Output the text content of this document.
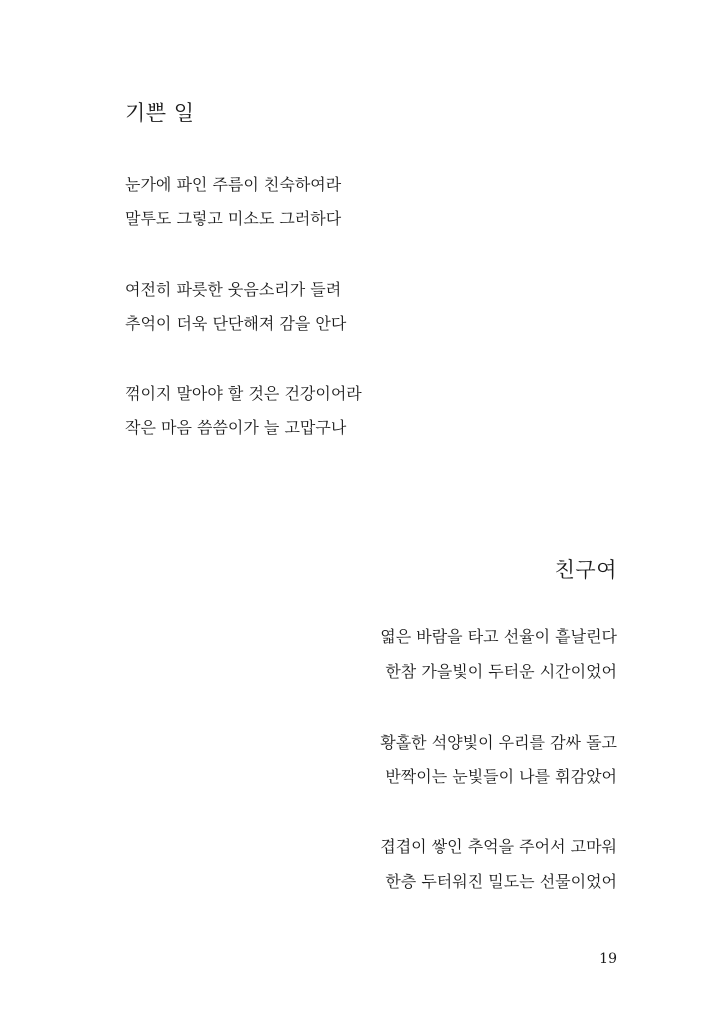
기쁜 일
눈가에 파인 주름이 친숙하여라
말투도 그렇고 미소도 그러하다
여전히 파릇한 웃음소리가 들려
추억이 더욱 단단해져 감을 안다
꺾이지 말아야 할 것은 건강이어라
작은 마음 씀씀이가 늘 고맙구나
친구여
엷은 바람을 타고 선율이 흩날린다
한참 가을빛이 두터운 시간이었어
황홀한 석양빛이 우리를 감싸 돌고
반짝이는 눈빛들이 나를 휘감았어
겹겹이 쌓인 추억을 주어서 고마워
한층 두터워진 밀도는 선물이었어
19
